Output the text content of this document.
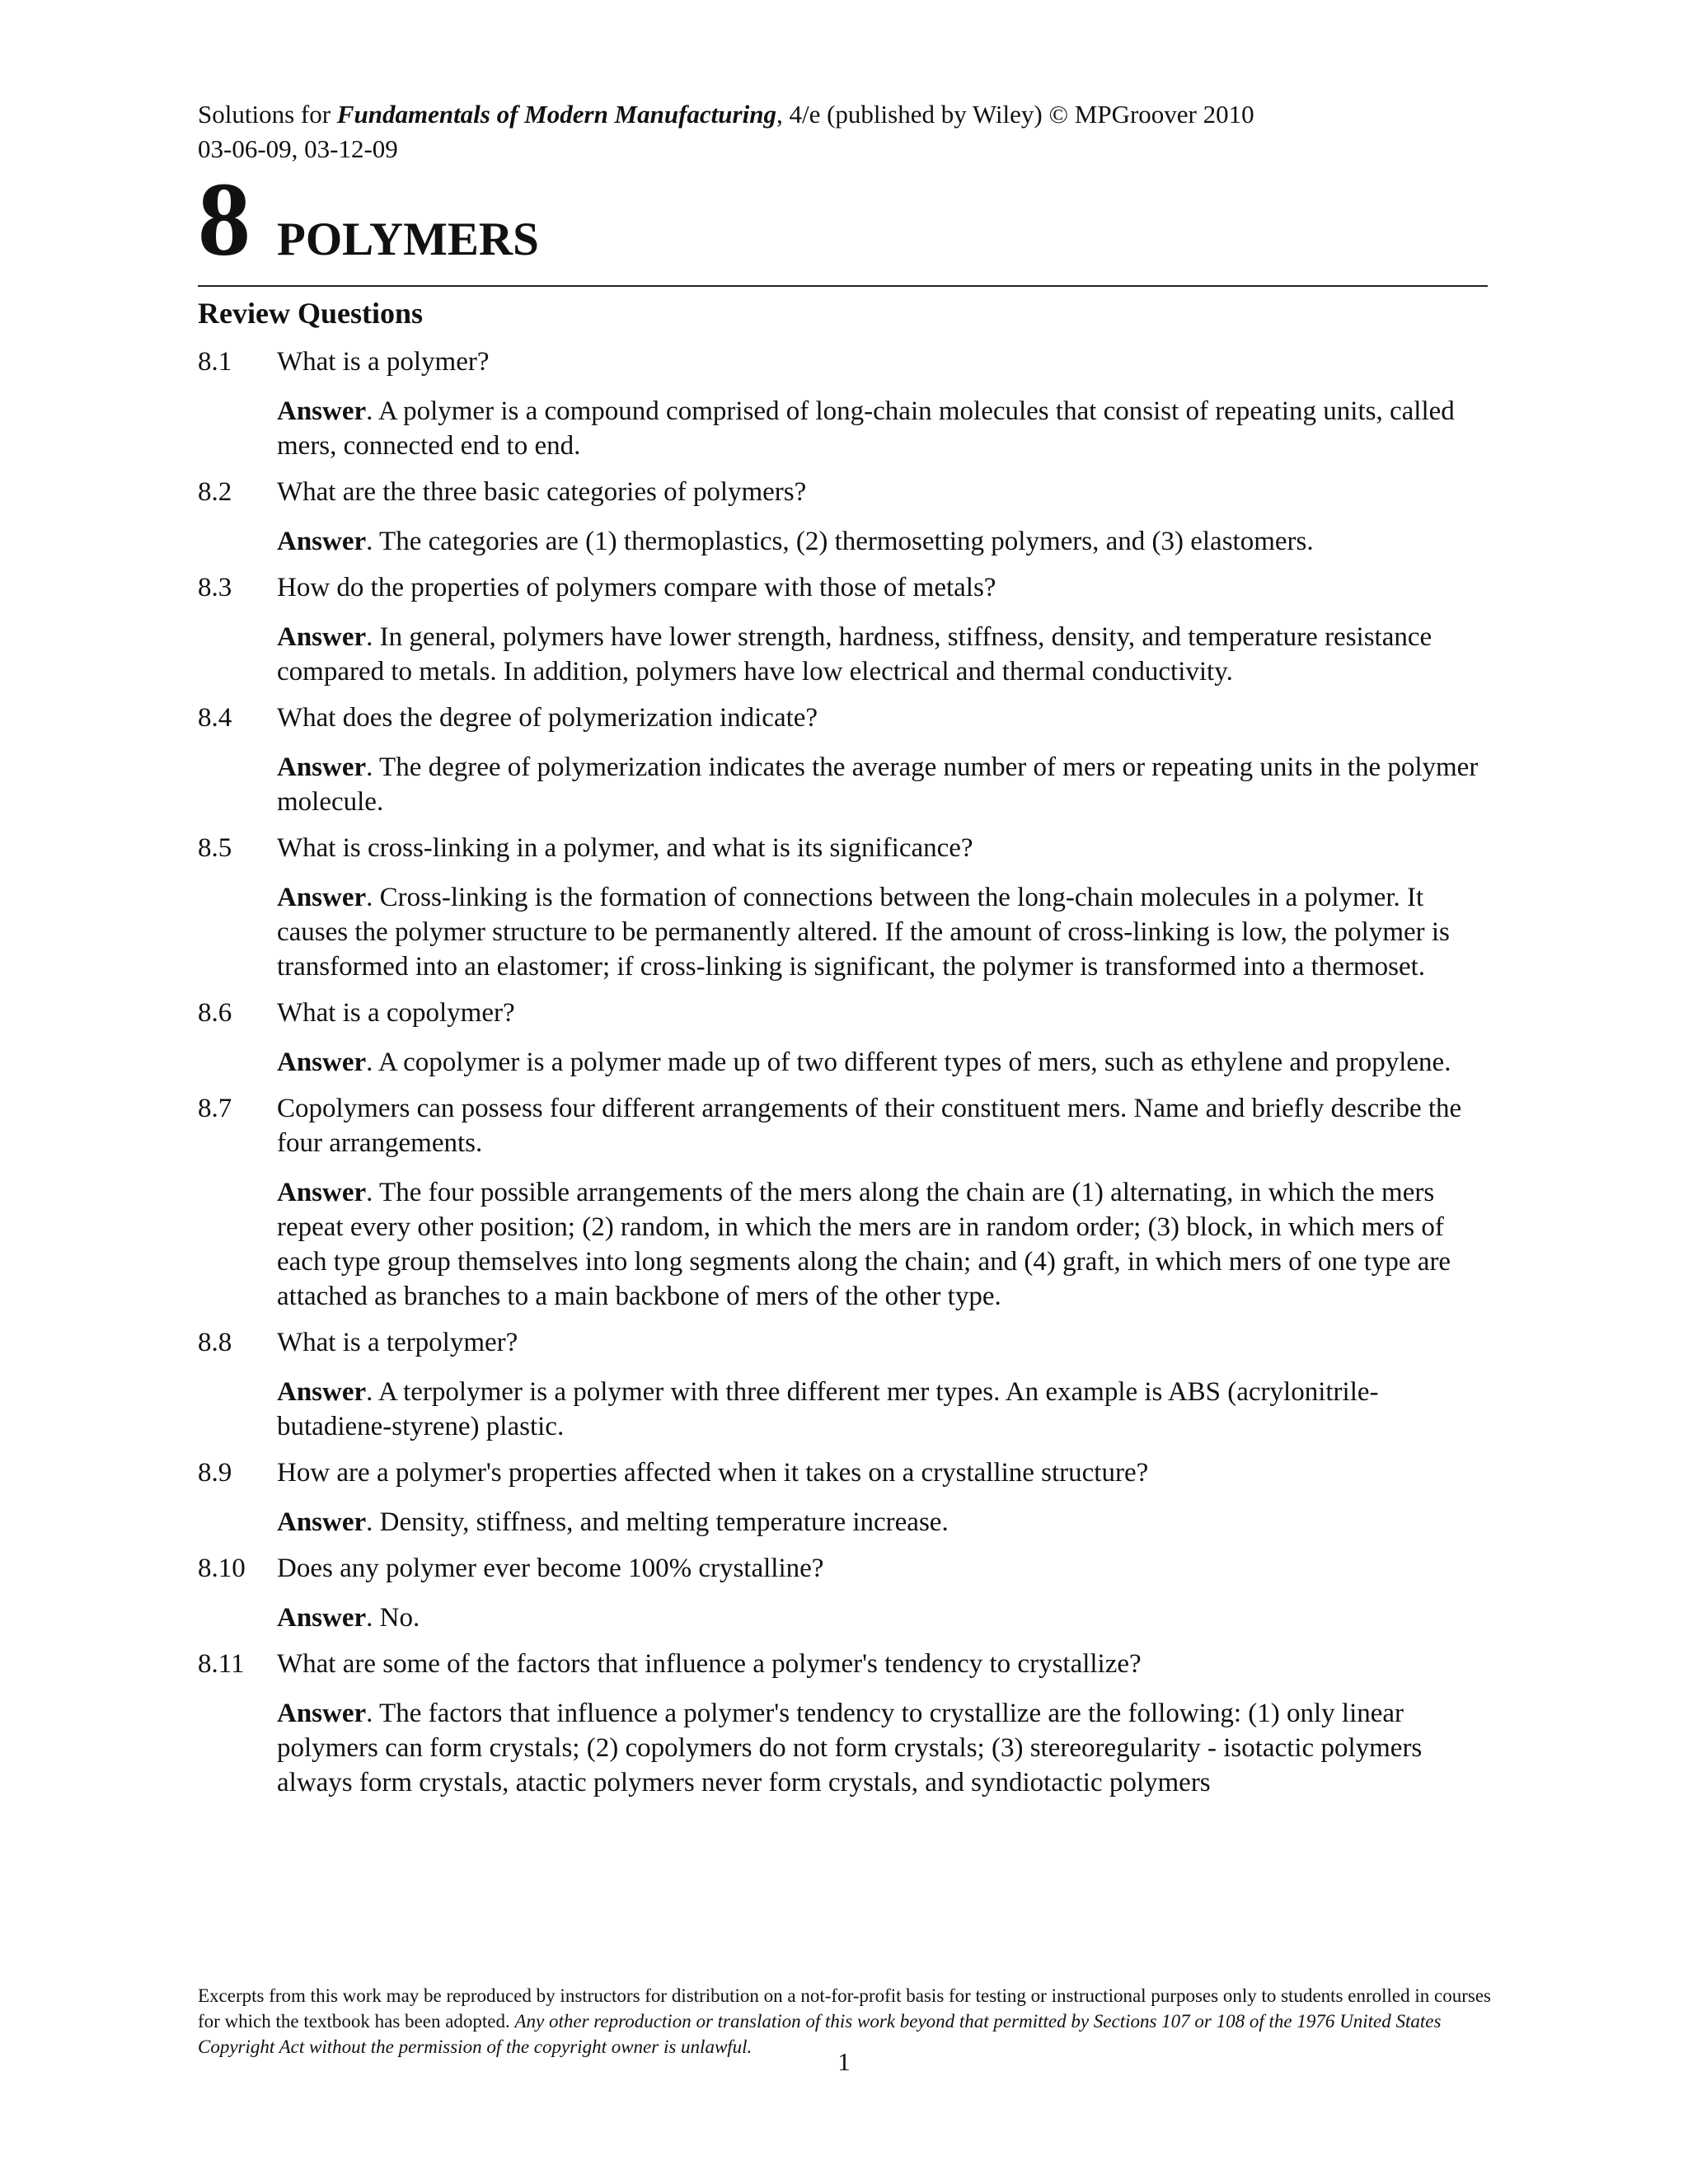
Solutions for Fundamentals of Modern Manufacturing, 4/e (published by Wiley) © MPGroover 2010
03-06-09, 03-12-09
8 POLYMERS
Review Questions
8.1	What is a polymer?
Answer. A polymer is a compound comprised of long-chain molecules that consist of repeating units, called mers, connected end to end.
8.2	What are the three basic categories of polymers?
Answer. The categories are (1) thermoplastics, (2) thermosetting polymers, and (3) elastomers.
8.3	How do the properties of polymers compare with those of metals?
Answer. In general, polymers have lower strength, hardness, stiffness, density, and temperature resistance compared to metals. In addition, polymers have low electrical and thermal conductivity.
8.4	What does the degree of polymerization indicate?
Answer. The degree of polymerization indicates the average number of mers or repeating units in the polymer molecule.
8.5	What is cross-linking in a polymer, and what is its significance?
Answer. Cross-linking is the formation of connections between the long-chain molecules in a polymer. It causes the polymer structure to be permanently altered. If the amount of cross-linking is low, the polymer is transformed into an elastomer; if cross-linking is significant, the polymer is transformed into a thermoset.
8.6	What is a copolymer?
Answer. A copolymer is a polymer made up of two different types of mers, such as ethylene and propylene.
8.7	Copolymers can possess four different arrangements of their constituent mers. Name and briefly describe the four arrangements.
Answer. The four possible arrangements of the mers along the chain are (1) alternating, in which the mers repeat every other position; (2) random, in which the mers are in random order; (3) block, in which mers of each type group themselves into long segments along the chain; and (4) graft, in which mers of one type are attached as branches to a main backbone of mers of the other type.
8.8	What is a terpolymer?
Answer. A terpolymer is a polymer with three different mer types. An example is ABS (acrylonitrile-butadiene-styrene) plastic.
8.9	How are a polymer's properties affected when it takes on a crystalline structure?
Answer. Density, stiffness, and melting temperature increase.
8.10	Does any polymer ever become 100% crystalline?
Answer. No.
8.11	What are some of the factors that influence a polymer's tendency to crystallize?
Answer. The factors that influence a polymer's tendency to crystallize are the following: (1) only linear polymers can form crystals; (2) copolymers do not form crystals; (3) stereoregularity - isotactic polymers always form crystals, atactic polymers never form crystals, and syndiotactic polymers
Excerpts from this work may be reproduced by instructors for distribution on a not-for-profit basis for testing or instructional purposes only to students enrolled in courses for which the textbook has been adopted. Any other reproduction or translation of this work beyond that permitted by Sections 107 or 108 of the 1976 United States Copyright Act without the permission of the copyright owner is unlawful.
1
